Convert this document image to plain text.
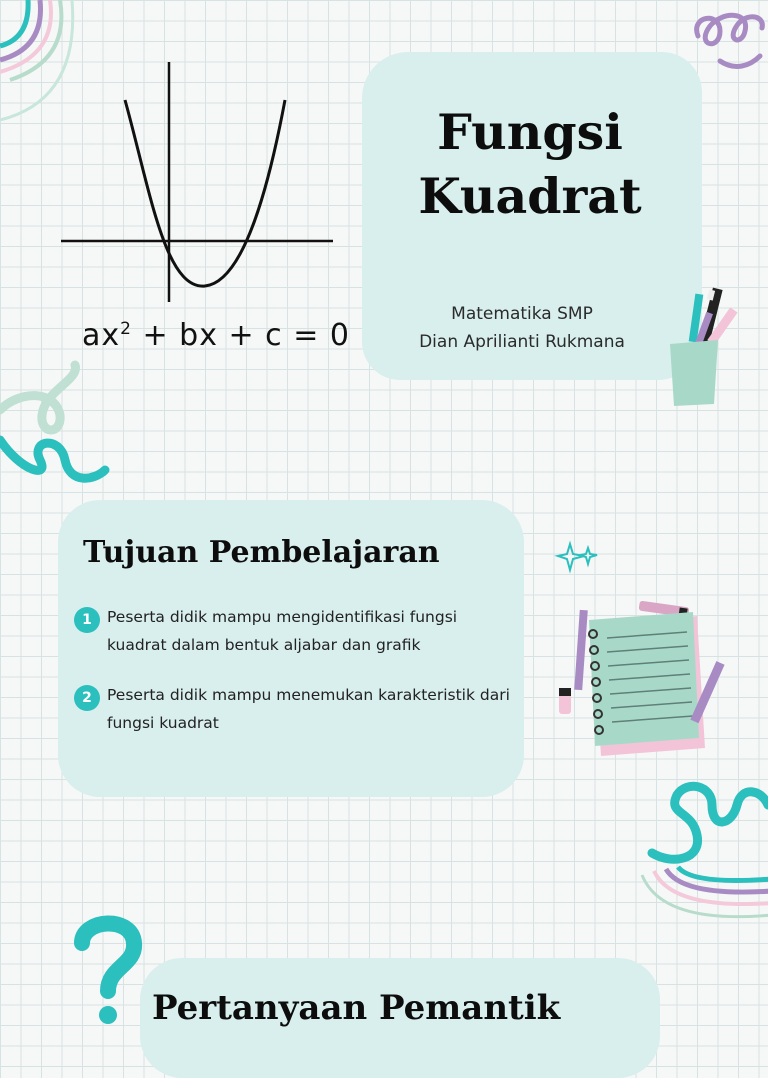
$ax^2$ + bx + c = 0
Fungsi
Kuadrat
Matematika SMP
Dian Aprilianti Rukmana
Tujuan Pembelajaran
1 Peserta didik mampu mengidentifikasi fungsi kuadrat dalam bentuk aljabar dan grafik
2 Peserta didik mampu menemukan karakteristik dari fungsi kuadrat
Pertanyaan Pemantik
